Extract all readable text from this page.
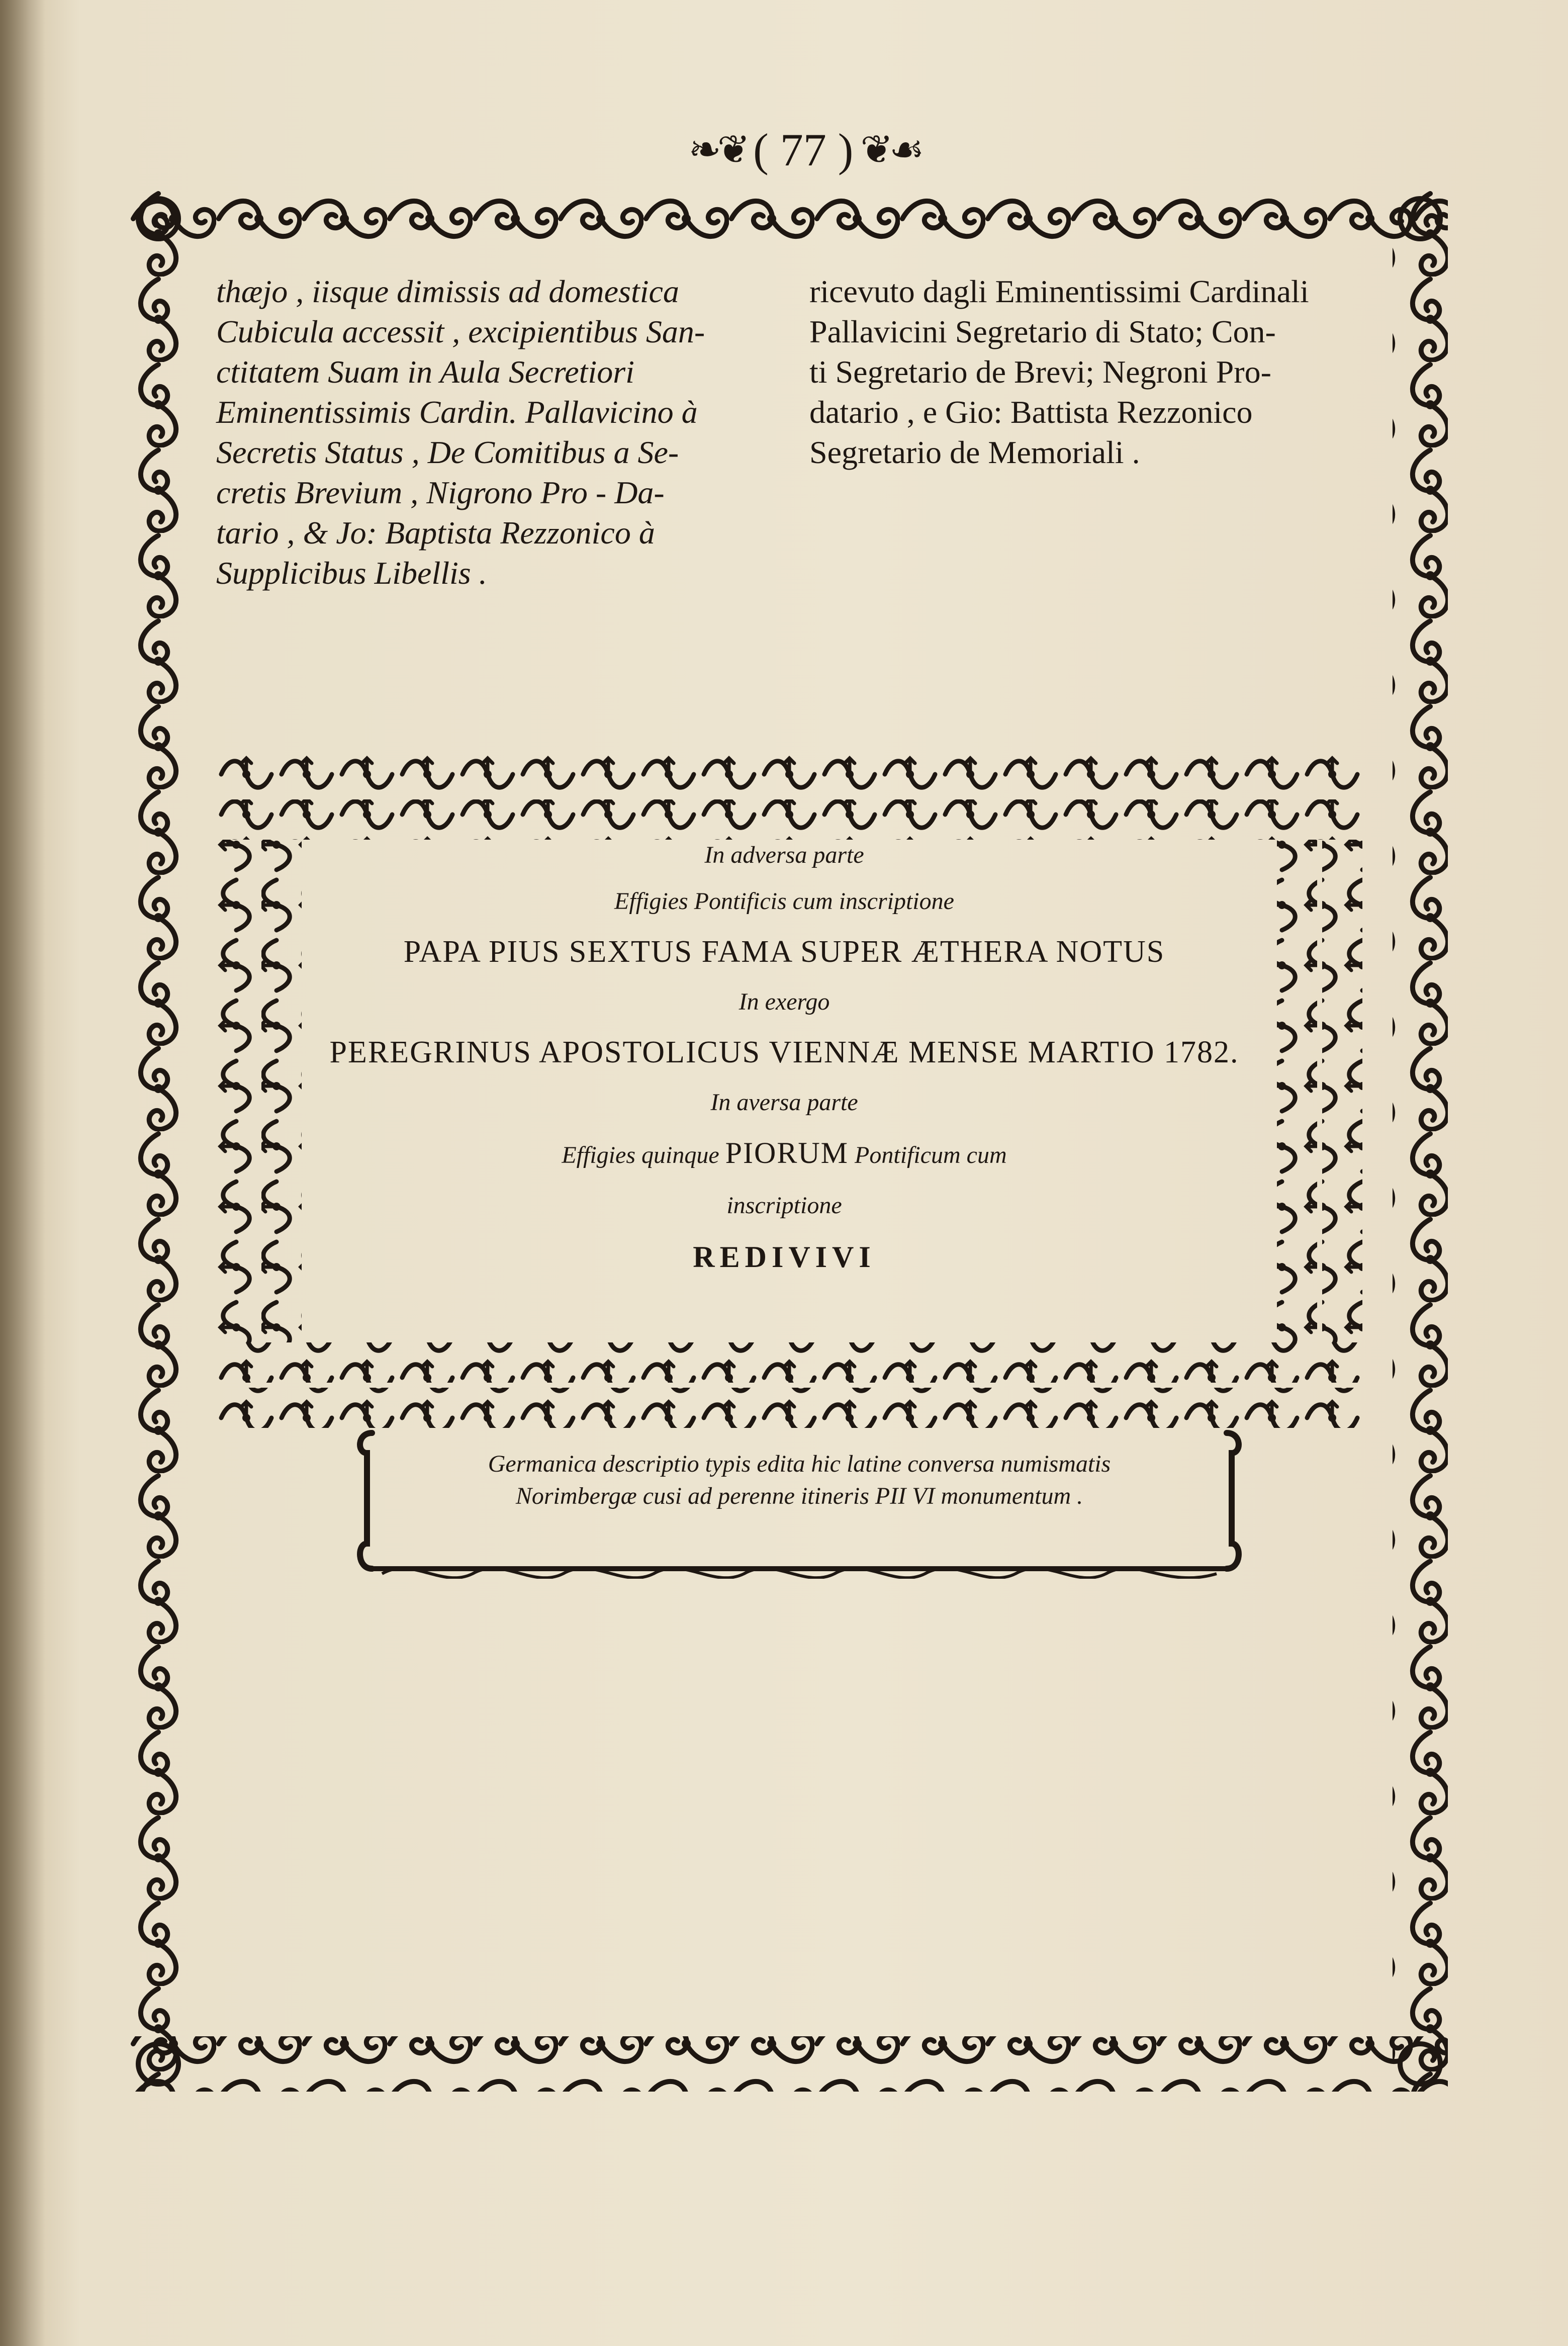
❧❦ ( 77 ) ❦☙

thæjo , iisque dimissis ad domestica

Cubicula accessit , excipientibus San-

ctitatem Suam in Aula Secretiori

Eminentissimis Cardin. Pallavicino à

Secretis Status , De Comitibus a Se-

cretis Brevium , Nigrono Pro - Da-

tario , & Jo: Baptista Rezzonico à

Supplicibus Libellis .

ricevuto dagli Eminentissimi Cardinali

Pallavicini Segretario di Stato; Con-

ti Segretario de Brevi; Negroni Pro-

datario , e Gio: Battista Rezzonico

Segretario de Memoriali .

In adversa parte
Effigies Pontificis cum inscriptione
PAPA PIUS SEXTUS FAMA SUPER ÆTHERA NOTUS
In exergo
PEREGRINUS APOSTOLICUS VIENNÆ MENSE MARTIO 1782.
In aversa parte
Effigies quinque PIORUM Pontificum cum
inscriptione
REDIVIVI

Germanica descriptio typis edita hic latine conversa numismatis

Norimbergæ cusi ad perenne itineris PII VI monumentum .
